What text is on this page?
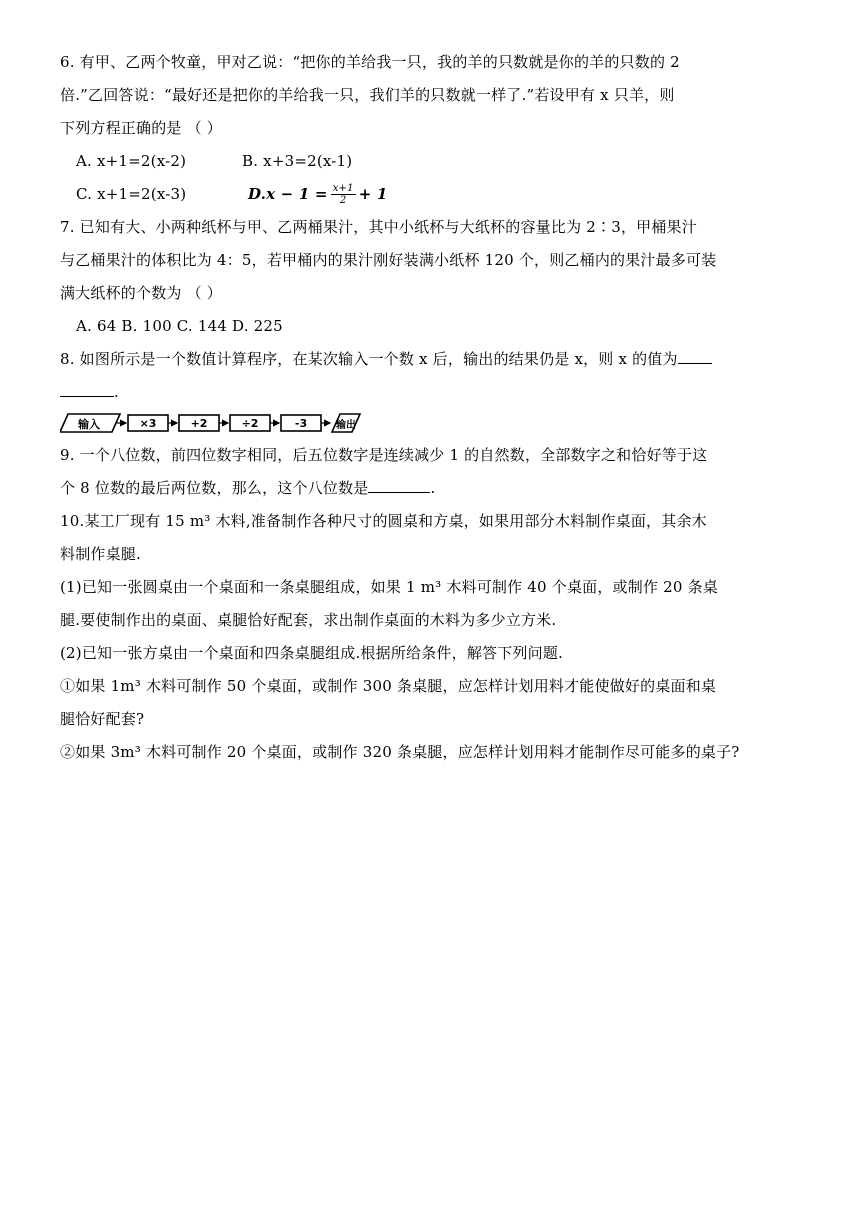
6. 有甲、乙两个牧童，甲对乙说：“把你的羊给我一只，我的羊的只数就是你的羊的只数的 2
倍.”乙回答说：“最好还是把你的羊给我一只，我们羊的只数就一样了.”若设甲有 x 只羊，则
下列方程正确的是 （ ）
A. x+1=2(x-2)	B. x+3=2(x-1)
C. x+1=2(x-3)	D. $x - 1 = \frac{x+1}{2} + 1$
7. 已知有大、小两种纸杯与甲、乙两桶果汁，其中小纸杯与大纸杯的容量比为 2∶3，甲桶果汁
与乙桶果汁的体积比为 4：5，若甲桶内的果汁刚好装满小纸杯 120 个，则乙桶内的果汁最多可装
满大纸杯的个数为 （ ）
A. 64 B. 100 C. 144 D. 225
8. 如图所示是一个数值计算程序，在某次输入一个数 x 后，输出的结果仍是 x，则 x 的值为
.
输入	×3	+2	÷2	-3	输出
9. 一个八位数，前四位数字相同，后五位数字是连续减少 1 的自然数，全部数字之和恰好等于这
个 8 位数的最后两位数，那么，这个八位数是	.
10.某工厂现有 15 m³ 木料,准备制作各种尺寸的圆桌和方桌，如果用部分木料制作桌面，其余木
料制作桌腿.
(1)已知一张圆桌由一个桌面和一条桌腿组成，如果 1 m³ 木料可制作 40 个桌面，或制作 20 条桌
腿.要使制作出的桌面、桌腿恰好配套，求出制作桌面的木料为多少立方米.
(2)已知一张方桌由一个桌面和四条桌腿组成.根据所给条件，解答下列问题.
①如果 1m³ 木料可制作 50 个桌面，或制作 300 条桌腿，应怎样计划用料才能使做好的桌面和桌
腿恰好配套?
②如果 3m³ 木料可制作 20 个桌面，或制作 320 条桌腿，应怎样计划用料才能制作尽可能多的桌子?
